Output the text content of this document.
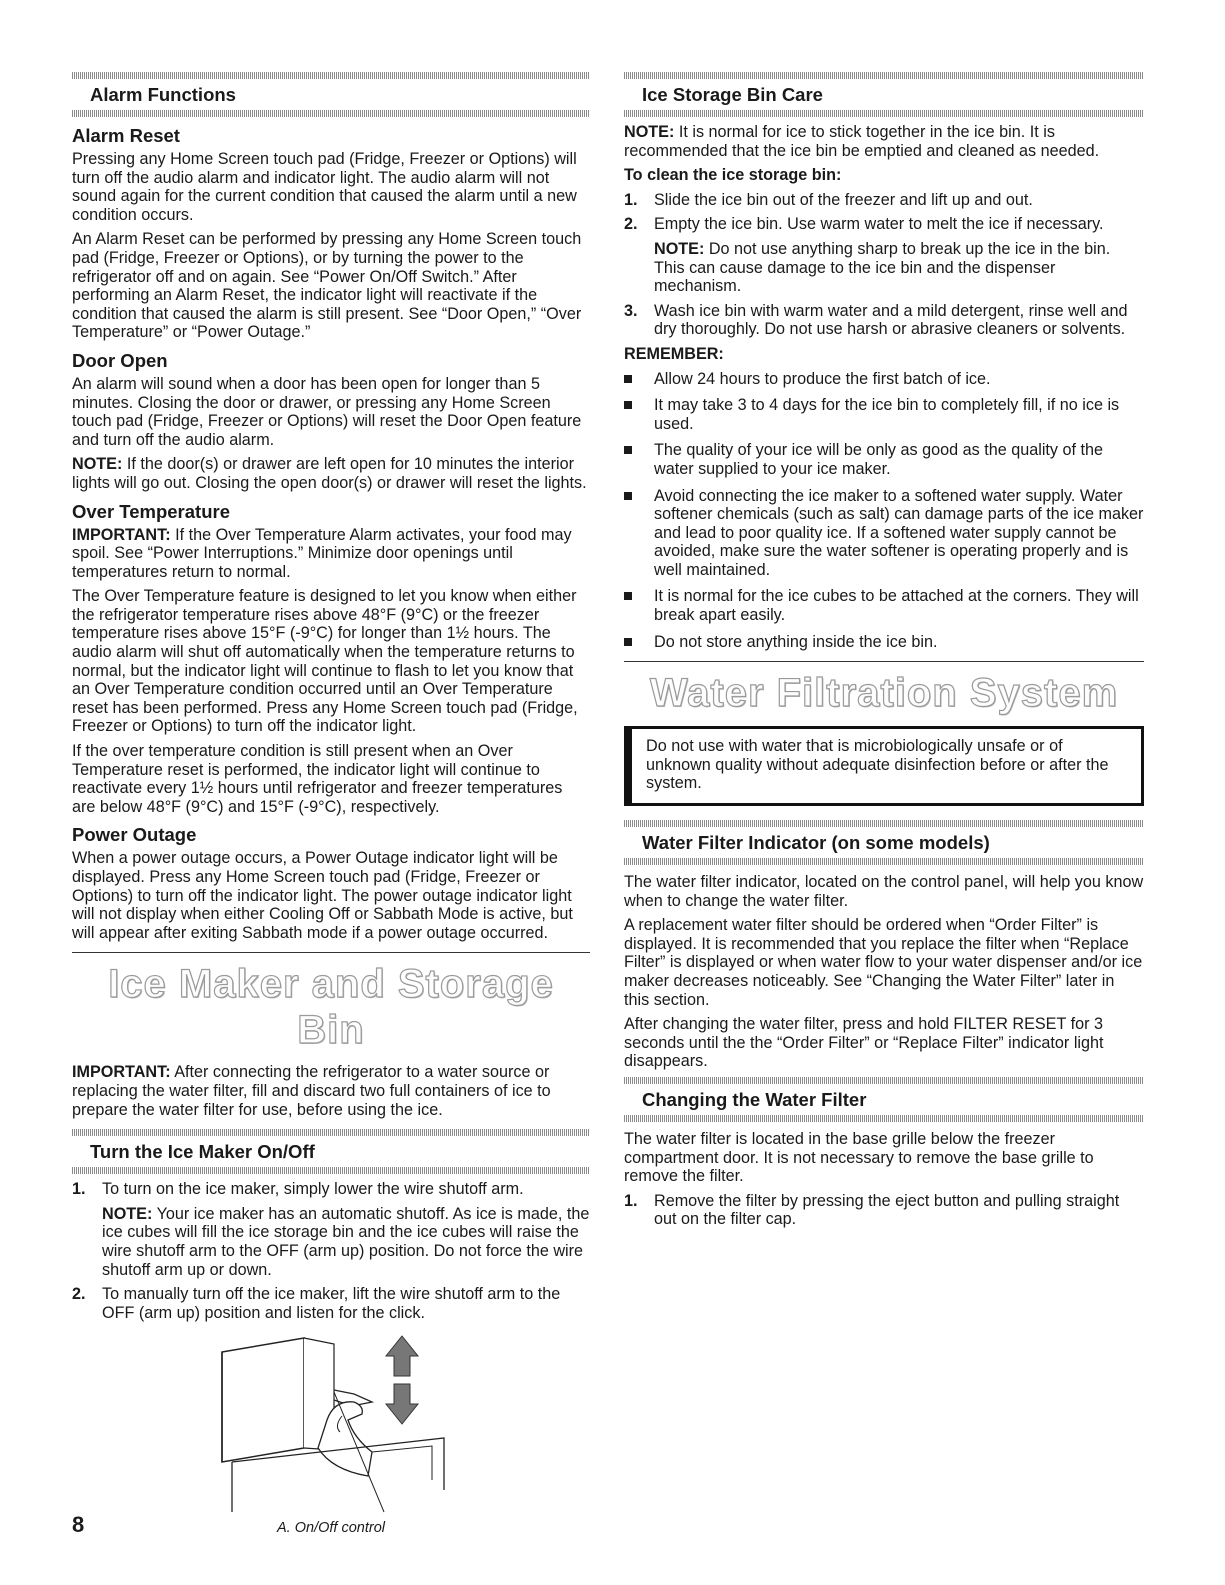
Alarm Functions
Alarm Reset

Pressing any Home Screen touch pad (Fridge, Freezer or Options) will turn off the audio alarm and indicator light. The audio alarm will not sound again for the current condition that caused the alarm until a new condition occurs.

An Alarm Reset can be performed by pressing any Home Screen touch pad (Fridge, Freezer or Options), or by turning the power to the refrigerator off and on again. See “Power On/Off Switch.” After performing an Alarm Reset, the indicator light will reactivate if the condition that caused the alarm is still present. See “Door Open,” “Over Temperature” or “Power Outage.”

Door Open

An alarm will sound when a door has been open for longer than 5 minutes. Closing the door or drawer, or pressing any Home Screen touch pad (Fridge, Freezer or Options) will reset the Door Open feature and turn off the audio alarm.

NOTE: If the door(s) or drawer are left open for 10 minutes the interior lights will go out. Closing the open door(s) or drawer will reset the lights.

Over Temperature

IMPORTANT: If the Over Temperature Alarm activates, your food may spoil. See “Power Interruptions.” Minimize door openings until temperatures return to normal.

The Over Temperature feature is designed to let you know when either the refrigerator temperature rises above 48°F (9°C) or the freezer temperature rises above 15°F (-9°C) for longer than 1½ hours. The audio alarm will shut off automatically when the temperature returns to normal, but the indicator light will continue to flash to let you know that an Over Temperature condition occurred until an Over Temperature reset has been performed. Press any Home Screen touch pad (Fridge, Freezer or Options) to turn off the indicator light.

If the over temperature condition is still present when an Over Temperature reset is performed, the indicator light will continue to reactivate every 1½ hours until refrigerator and freezer temperatures are below 48°F (9°C) and 15°F (-9°C), respectively.

Power Outage

When a power outage occurs, a Power Outage indicator light will be displayed. Press any Home Screen touch pad (Fridge, Freezer or Options) to turn off the indicator light. The power outage indicator light will not display when either Cooling Off or Sabbath Mode is active, but will appear after exiting Sabbath mode if a power outage occurred.

Ice Maker and Storage Bin

IMPORTANT: After connecting the refrigerator to a water source or replacing the water filter, fill and discard two full containers of ice to prepare the water filter for use, before using the ice.

Turn the Ice Maker On/Off
1. To turn on the ice maker, simply lower the wire shutoff arm.

NOTE: Your ice maker has an automatic shutoff. As ice is made, the ice cubes will fill the ice storage bin and the ice cubes will raise the wire shutoff arm to the OFF (arm up) position. Do not force the wire shutoff arm up or down.

2. To manually turn off the ice maker, lift the wire shutoff arm to the OFF (arm up) position and listen for the click.

A. On/Off control
Ice Storage Bin Care

NOTE: It is normal for ice to stick together in the ice bin. It is recommended that the ice bin be emptied and cleaned as needed.

To clean the ice storage bin:

1. Slide the ice bin out of the freezer and lift up and out.

2. Empty the ice bin. Use warm water to melt the ice if necessary.

NOTE: Do not use anything sharp to break up the ice in the bin. This can cause damage to the ice bin and the dispenser mechanism.

3. Wash ice bin with warm water and a mild detergent, rinse well and dry thoroughly. Do not use harsh or abrasive cleaners or solvents.

REMEMBER:

Allow 24 hours to produce the first batch of ice.

It may take 3 to 4 days for the ice bin to completely fill, if no ice is used.

The quality of your ice will be only as good as the quality of the water supplied to your ice maker.

Avoid connecting the ice maker to a softened water supply. Water softener chemicals (such as salt) can damage parts of the ice maker and lead to poor quality ice. If a softened water supply cannot be avoided, make sure the water softener is operating properly and is well maintained.

It is normal for the ice cubes to be attached at the corners. They will break apart easily.

Do not store anything inside the ice bin.

Water Filtration System

Do not use with water that is microbiologically unsafe or of unknown quality without adequate disinfection before or after the system.

Water Filter Indicator (on some models)

The water filter indicator, located on the control panel, will help you know when to change the water filter.

A replacement water filter should be ordered when “Order Filter” is displayed. It is recommended that you replace the filter when “Replace Filter” is displayed or when water flow to your water dispenser and/or ice maker decreases noticeably. See “Changing the Water Filter” later in this section.

After changing the water filter, press and hold FILTER RESET for 3 seconds until the the “Order Filter” or “Replace Filter” indicator light disappears.

Changing the Water Filter

The water filter is located in the base grille below the freezer compartment door. It is not necessary to remove the base grille to remove the filter.

1. Remove the filter by pressing the eject button and pulling straight out on the filter cap.

8
